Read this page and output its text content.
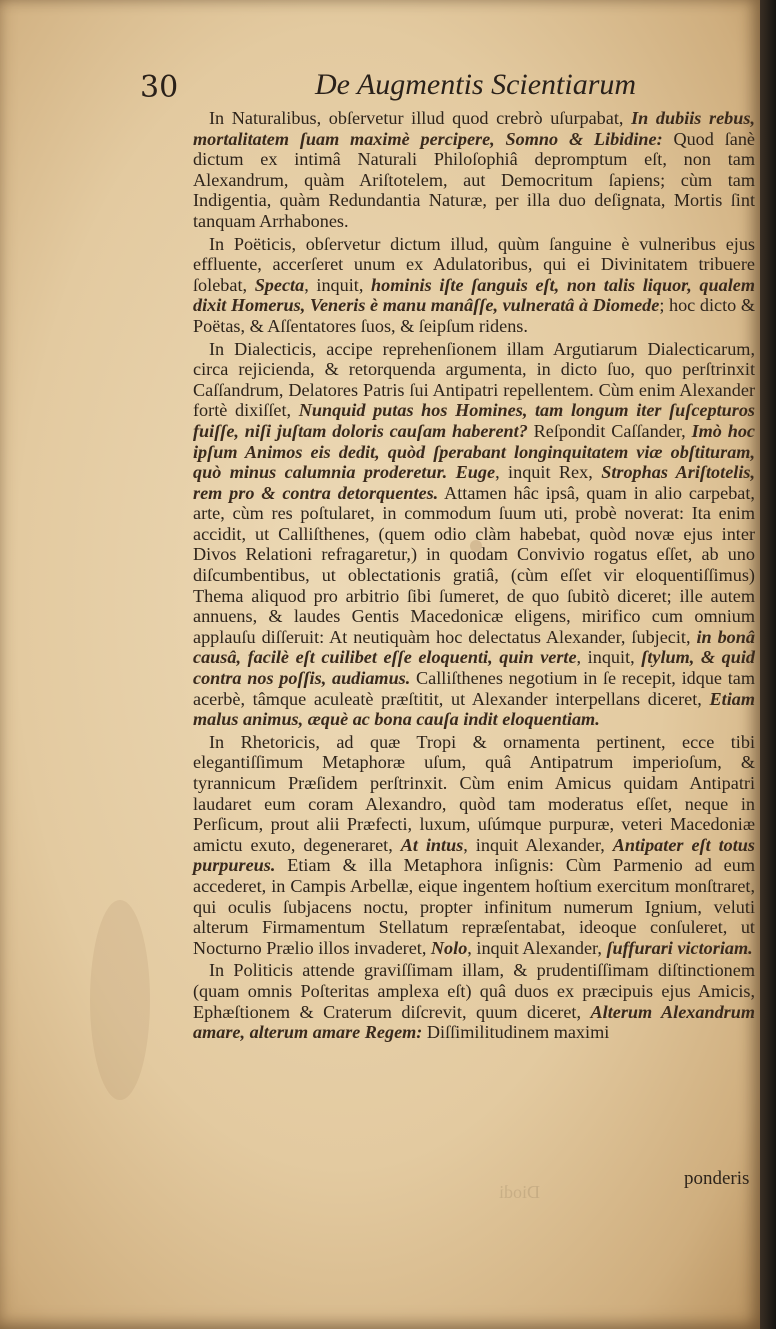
30	De Augmentis Scientiarum

In Naturalibus, obſervetur illud quod crebrò uſurpabat, In dubiis rebus, mortalitatem ſuam maximè percipere, Somno & Libidine: Quod ſanè dictum ex intimâ Naturali Philoſophiâ depromptum eſt, non tam Alexandrum, quàm Ariſtotelem, aut Democritum ſapiens; cùm tam Indigentia, quàm Redundantia Naturæ, per illa duo deſignata, Mortis ſint tanquam Arrhabones.

In Poëticis, obſervetur dictum illud, quùm ſanguine è vulneribus ejus effluente, accerſeret unum ex Adulatoribus, qui ei Divinitatem tribuere ſolebat, Specta, inquit, hominis iſte ſanguis eſt, non talis liquor, qualem dixit Homerus, Veneris è manu manâſſe, vulneratâ à Diomede; hoc dicto & Poëtas, & Aſſentatores ſuos, & ſeipſum ridens.

In Dialecticis, accipe reprehenſionem illam Argutiarum Dialecticarum, circa rejicienda, & retorquenda argumenta, in dicto ſuo, quo perſtrinxit Caſſandrum, Delatores Patris ſui Antipatri repellentem. Cùm enim Alexander fortè dixiſſet, Nunquid putas hos Homines, tam longum iter ſuſcepturos fuiſſe, niſi juſtam doloris cauſam haberent? Reſpondit Caſſander, Imò hoc ipſum Animos eis dedit, quòd ſperabant longinquitatem viæ obſtituram, quò minus calumnia proderetur. Euge, inquit Rex, Strophas Ariſtotelis, rem pro & contra detorquentes. Attamen hâc ipsâ, quam in alio carpebat, arte, cùm res poſtularet, in commodum ſuum uti, probè noverat: Ita enim accidit, ut Calliſthenes, (quem odio clàm habebat, quòd novæ ejus inter Divos Relationi refragaretur,) in quodam Convivio rogatus eſſet, ab uno diſcumbentibus, ut oblectationis gratiâ, (cùm eſſet vir eloquentiſſimus) Thema aliquod pro arbitrio ſibi ſumeret, de quo ſubitò diceret; ille autem annuens, & laudes Gentis Macedonicæ eligens, mirifico cum omnium applauſu diſſeruit: At neutiquàm hoc delectatus Alexander, ſubjecit, in bonâ causâ, facilè eſt cuilibet eſſe eloquenti, quin verte, inquit, ſtylum, & quid contra nos poſſis, audiamus. Calliſthenes negotium in ſe recepit, idque tam acerbè, tâmque aculeatè præſtitit, ut Alexander interpellans diceret, Etiam malus animus, æquè ac bona cauſa indit eloquentiam.

In Rhetoricis, ad quæ Tropi & ornamenta pertinent, ecce tibi elegantiſſimum Metaphoræ uſum, quâ Antipatrum imperioſum, & tyrannicum Præſidem perſtrinxit. Cùm enim Amicus quidam Antipatri laudaret eum coram Alexandro, quòd tam moderatus eſſet, neque in Perſicum, prout alii Præfecti, luxum, uſúmque purpuræ, veteri Macedoniæ amictu exuto, degeneraret, At intus, inquit Alexander, Antipater eſt totus purpureus. Etiam & illa Metaphora inſignis: Cùm Parmenio ad eum accederet, in Campis Arbellæ, eique ingentem hoſtium exercitum monſtraret, qui oculis ſubjacens noctu, propter infinitum numerum Ignium, veluti alterum Firmamentum Stellatum repræſentabat, ideoque conſuleret, ut Nocturno Prælio illos invaderet, Nolo, inquit Alexander, ſuffurari victoriam.

In Politicis attende graviſſimam illam, & prudentiſſimam diſtinctionem (quam omnis Poſteritas amplexa eſt) quâ duos ex præcipuis ejus Amicis, Ephæſtionem & Craterum diſcrevit, quum diceret, Alterum Alexandrum amare, alterum amare Regem: Diſſimilitudinem maximi

ponderis
Diodi
